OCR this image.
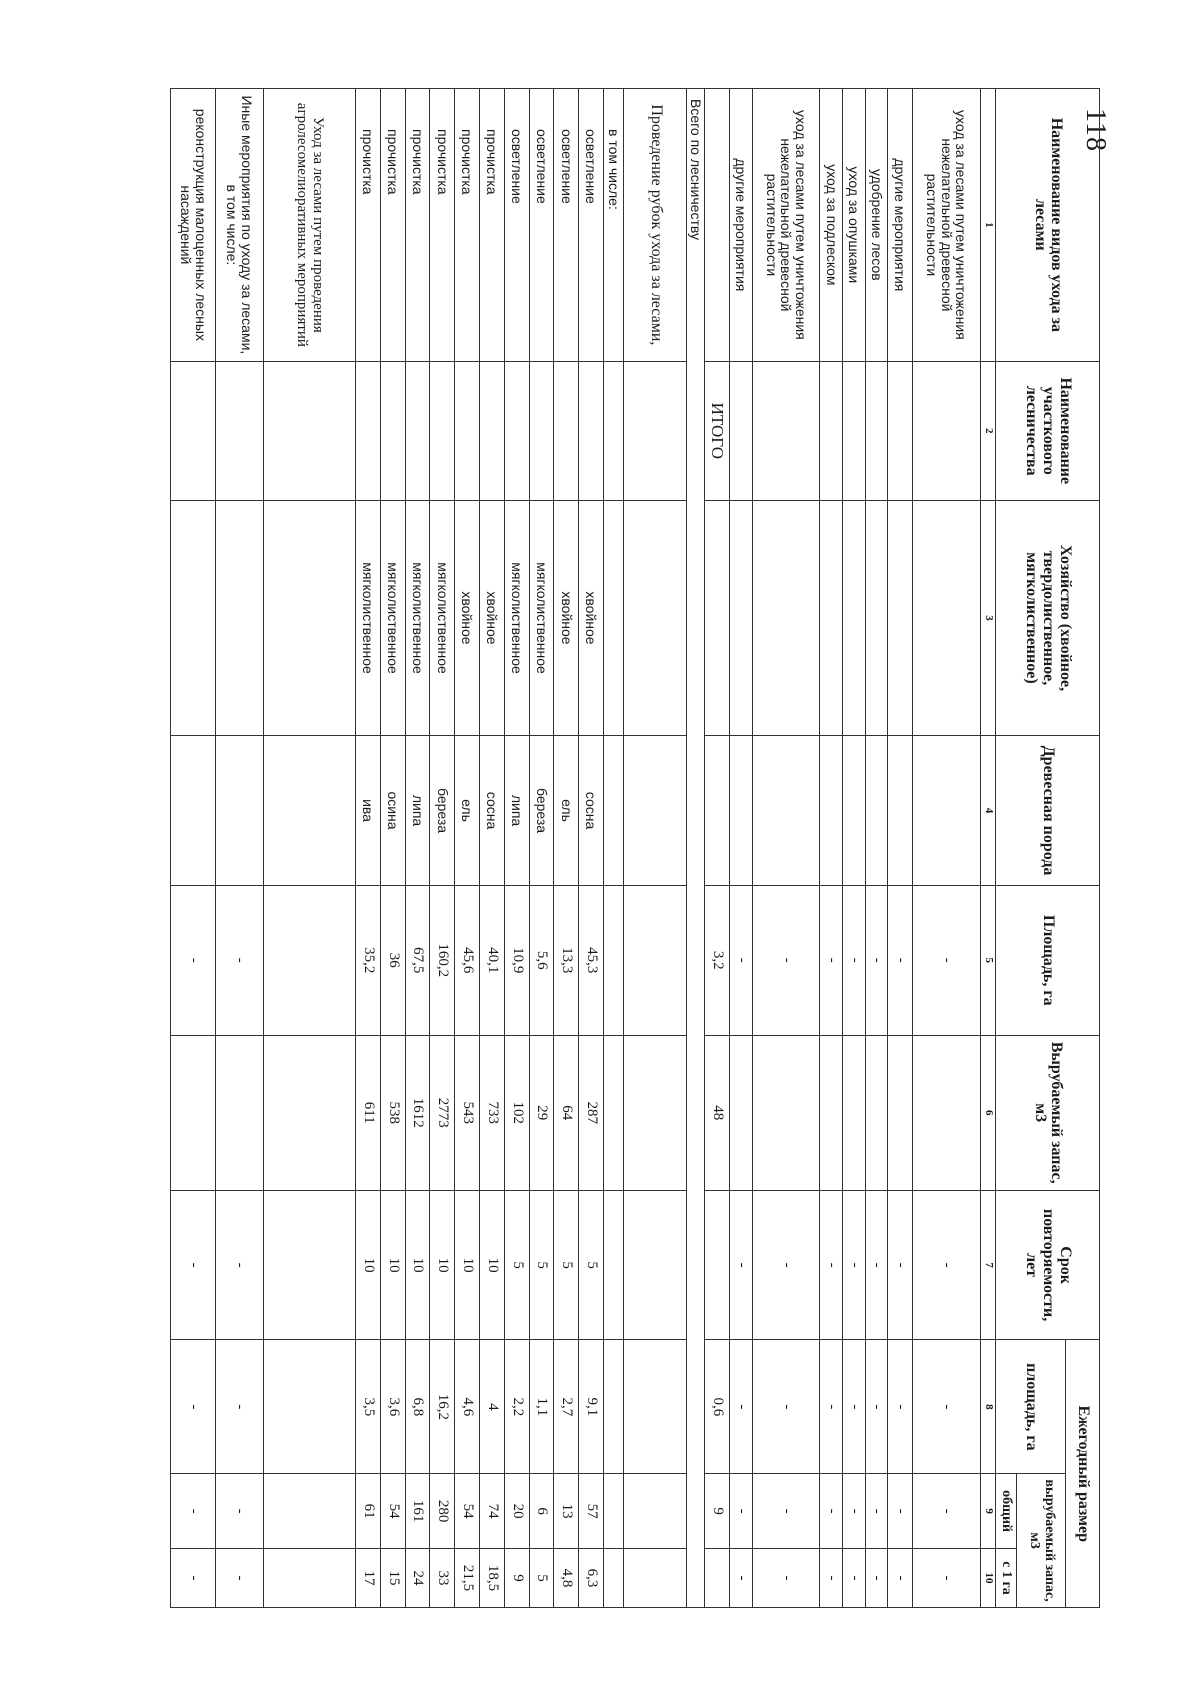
118
Наименование видов ухода за лесами	Наименование участкового лесничества	Хозяйство (хвойное, твердолиственное, мягколиственное)	Древесная порода	Площадь, га	Вырубаемый запас, м3	Срок повторяемости, лет	Ежегодный размер		
							площадь, га	вырубаемый запас, м3	
								общий	с 1 га
1	2	3	4	5	6	7	8	9	10
уход за лесами путем уничтожения нежелательной древесной растительности				-		-	-	-	-
другие мероприятия				-		-	-	-	-
удобрение лесов				-		-	-	-	-
уход за опушками				-		-	-	-	-
уход за подлеском				-		-	-	-	-
уход за лесами путем уничтожения нежелательной древесной растительности				-		-	-	-	-
другие мероприятия				-		-	-	-	-
	ИТОГО			3,2	48		0,6	9	
Всего по лесничеству									
Проведение рубок ухода за лесами,									
в том числе:									
осветление		хвойное	сосна	45,3	287	5	9,1	57	6,3
осветление		хвойное	ель	13,3	64	5	2,7	13	4,8
осветление		мягколиственное	береза	5,6	29	5	1,1	6	5
осветление		мягколиственное	липа	10,9	102	5	2,2	20	9
прочистка		хвойное	сосна	40,1	733	10	4	74	18,5
прочистка		хвойное	ель	45,6	543	10	4,6	54	21,5
прочистка		мягколиственное	береза	160,2	2773	10	16,2	280	33
прочистка		мягколиственное	липа	67,5	1612	10	6,8	161	24
прочистка		мягколиственное	осина	36	538	10	3,6	54	15
прочистка		мягколиственное	ива	35,2	611	10	3,5	61	17
Уход за лесами путем проведения агролесомелиоративных мероприятий									
Иные мероприятия по уходу за лесами, в том числе:				-		-	-	-	-
реконструкция малоценных лесных насаждений				-		-	-	-	-
